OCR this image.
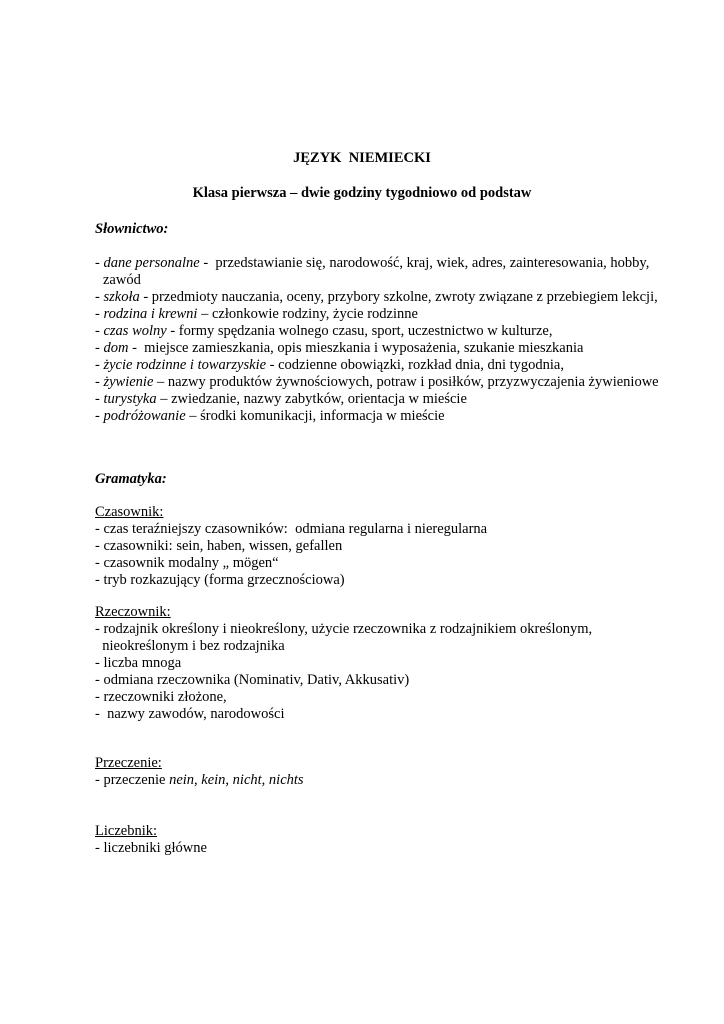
JĘZYK  NIEMIECKI
Klasa pierwsza – dwie godziny tygodniowo od podstaw
Słownictwo:
- dane personalne -  przedstawianie się, narodowość, kraj, wiek, adres, zainteresowania, hobby,
zawód
- szkoła - przedmioty nauczania, oceny, przybory szkolne, zwroty związane z przebiegiem lekcji,
- rodzina i krewni – członkowie rodziny, życie rodzinne
- czas wolny - formy spędzania wolnego czasu, sport, uczestnictwo w kulturze,
- dom -  miejsce zamieszkania, opis mieszkania i wyposażenia, szukanie mieszkania
- życie rodzinne i towarzyskie - codzienne obowiązki, rozkład dnia, dni tygodnia,
- żywienie – nazwy produktów żywnościowych, potraw i posiłków, przyzwyczajenia żywieniowe
- turystyka – zwiedzanie, nazwy zabytków, orientacja w mieście
- podróżowanie – środki komunikacji, informacja w mieście
Gramatyka:
Czasownik:
- czas teraźniejszy czasowników:  odmiana regularna i nieregularna
- czasowniki: sein, haben, wissen, gefallen
- czasownik modalny „ mögen“
- tryb rozkazujący (forma grzecznościowa)
Rzeczownik:
- rodzajnik określony i nieokreślony, użycie rzeczownika z rodzajnikiem określonym,
nieokreślonym i bez rodzajnika
- liczba mnoga
- odmiana rzeczownika (Nominativ, Dativ, Akkusativ)
- rzeczowniki złożone,
-  nazwy zawodów, narodowości
Przeczenie:
- przeczenie nein, kein, nicht, nichts
Liczebnik:
- liczebniki główne
